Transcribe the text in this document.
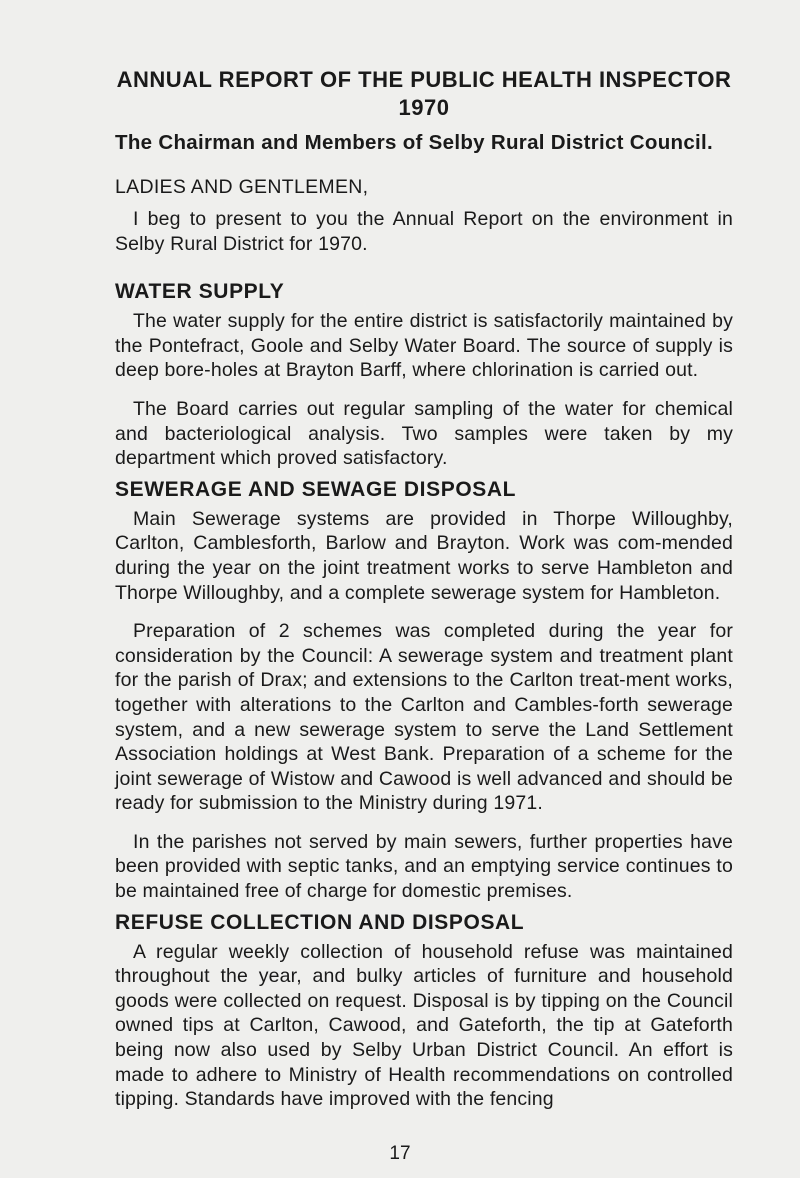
ANNUAL REPORT OF THE PUBLIC HEALTH INSPECTOR

1970

The Chairman and Members of Selby Rural District Council.

LADIES AND GENTLEMEN,

I beg to present to you the Annual Report on the environment in Selby Rural District for 1970.

WATER SUPPLY

The water supply for the entire district is satisfactorily maintained by the Pontefract, Goole and Selby Water Board. The source of supply is deep bore-holes at Brayton Barff, where chlorination is carried out.

The Board carries out regular sampling of the water for chemical and bacteriological analysis. Two samples were taken by my department which proved satisfactory.

SEWERAGE AND SEWAGE DISPOSAL

Main Sewerage systems are provided in Thorpe Willoughby, Carlton, Camblesforth, Barlow and Brayton. Work was com-mended during the year on the joint treatment works to serve Hambleton and Thorpe Willoughby, and a complete sewerage system for Hambleton.

Preparation of 2 schemes was completed during the year for consideration by the Council: A sewerage system and treatment plant for the parish of Drax; and extensions to the Carlton treat-ment works, together with alterations to the Carlton and Cambles-forth sewerage system, and a new sewerage system to serve the Land Settlement Association holdings at West Bank. Preparation of a scheme for the joint sewerage of Wistow and Cawood is well advanced and should be ready for submission to the Ministry during 1971.

In the parishes not served by main sewers, further properties have been provided with septic tanks, and an emptying service continues to be maintained free of charge for domestic premises.

REFUSE COLLECTION AND DISPOSAL

A regular weekly collection of household refuse was maintained throughout the year, and bulky articles of furniture and household goods were collected on request. Disposal is by tipping on the Council owned tips at Carlton, Cawood, and Gateforth, the tip at Gateforth being now also used by Selby Urban District Council. An effort is made to adhere to Ministry of Health recommendations on controlled tipping. Standards have improved with the fencing

17
